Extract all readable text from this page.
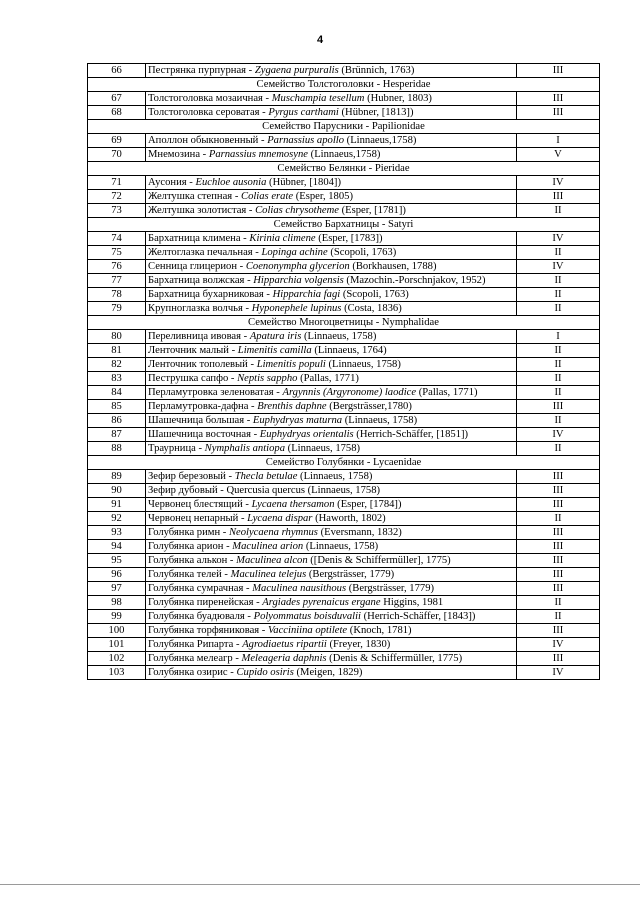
4
66	Пестрянка пурпурная - Zygaena purpuralis (Brünnich, 1763)	III
Семейство Толстоголовки - Hesperidae		
67	Толстоголовка мозаичная - Muschampia tesellum (Hubner, 1803)	III
68	Толстоголовка сероватая - Pyrgus carthami (Hübner, [1813])	III
Семейство Парусники - Papilionidae		
69	Аполлон обыкновенный - Parnassius apollo (Linnaeus,1758)	I
70	Мнемозина - Parnassius mnemosyne (Linnaeus,1758)	V
Семейство Белянки - Pieridae		
71	Аусония - Euchloe ausonia (Hübner, [1804])	IV
72	Желтушка степная - Colias erate (Esper, 1805)	III
73	Желтушка золотистая - Colias chrysotheme (Esper, [1781])	II
Семейство Бархатницы - Satyri		
74	Бархатница климена - Kirinia climene (Esper, [1783])	IV
75	Желтоглазка печальная - Lopinga achine (Scopoli, 1763)	II
76	Сенница глицерион - Coenonympha glycerion (Borkhausen, 1788)	IV
77	Бархатница волжская - Hipparchia volgensis (Mazochin.-Porschnjakov, 1952)	II
78	Бархатница бухарниковая - Hipparchia fagi (Scopoli, 1763)	II
79	Крупноглазка волчья - Hyponephele lupinus (Costa, 1836)	II
Семейство Многоцветницы - Nymphalidae		
80	Переливница ивовая - Apatura iris (Linnaeus, 1758)	I
81	Ленточник малый - Limenitis camilla (Linnaeus, 1764)	II
82	Ленточник тополевый - Limenitis populi (Linnaeus, 1758)	II
83	Пеструшка сапфо - Neptis sappho (Pallas, 1771)	II
84	Перламутровка зеленоватая - Argynnis (Argyronome) laodice (Pallas, 1771)	II
85	Перламутровка-дафна - Brenthis daphne (Bergsträsser,1780)	III
86	Шашечница большая - Euphydryas maturna (Linnaeus, 1758)	II
87	Шашечница восточная - Euphydryas orientalis (Herrich-Schäffer, [1851])	IV
88	Траурница - Nymphalis antiopa (Linnaeus, 1758)	II
Семейство Голубянки - Lycaenidae		
89	Зефир березовый - Thecla betulae (Linnaeus, 1758)	III
90	Зефир дубовый - Quercusia quercus (Linnaeus, 1758)	III
91	Червонец блестящий - Lycaena thersamon (Esper, [1784])	III
92	Червонец непарный - Lycaena dispar (Haworth, 1802)	II
93	Голубянка римн - Neolycaena rhymnus (Eversmann, 1832)	III
94	Голубянка арион - Maculinea arion (Linnaeus, 1758)	III
95	Голубянка алькон - Maculinea alcon ([Denis & Schiffermüller], 1775)	III
96	Голубянка телей - Maculinea telejus (Bergsträsser, 1779)	III
97	Голубянка сумрачная - Maculinea nausithous (Bergsträsser, 1779)	III
98	Голубянка пиренейская - Argiades pyrenaicus ergane Higgins, 1981	II
99	Голубянка буадюваля - Polyommatus boisduvalii (Herrich-Schäffer, [1843])	II
100	Голубянка торфяниковая - Vacciniina optilete (Knoch, 1781)	III
101	Голубянка Рипарта - Agrodiaetus ripartii (Freyer, 1830)	IV
102	Голубянка мелеагр - Meleageria daphnis (Denis & Schiffermüller, 1775)	III
103	Голубянка озирис - Cupido osiris (Meigen, 1829)	IV
